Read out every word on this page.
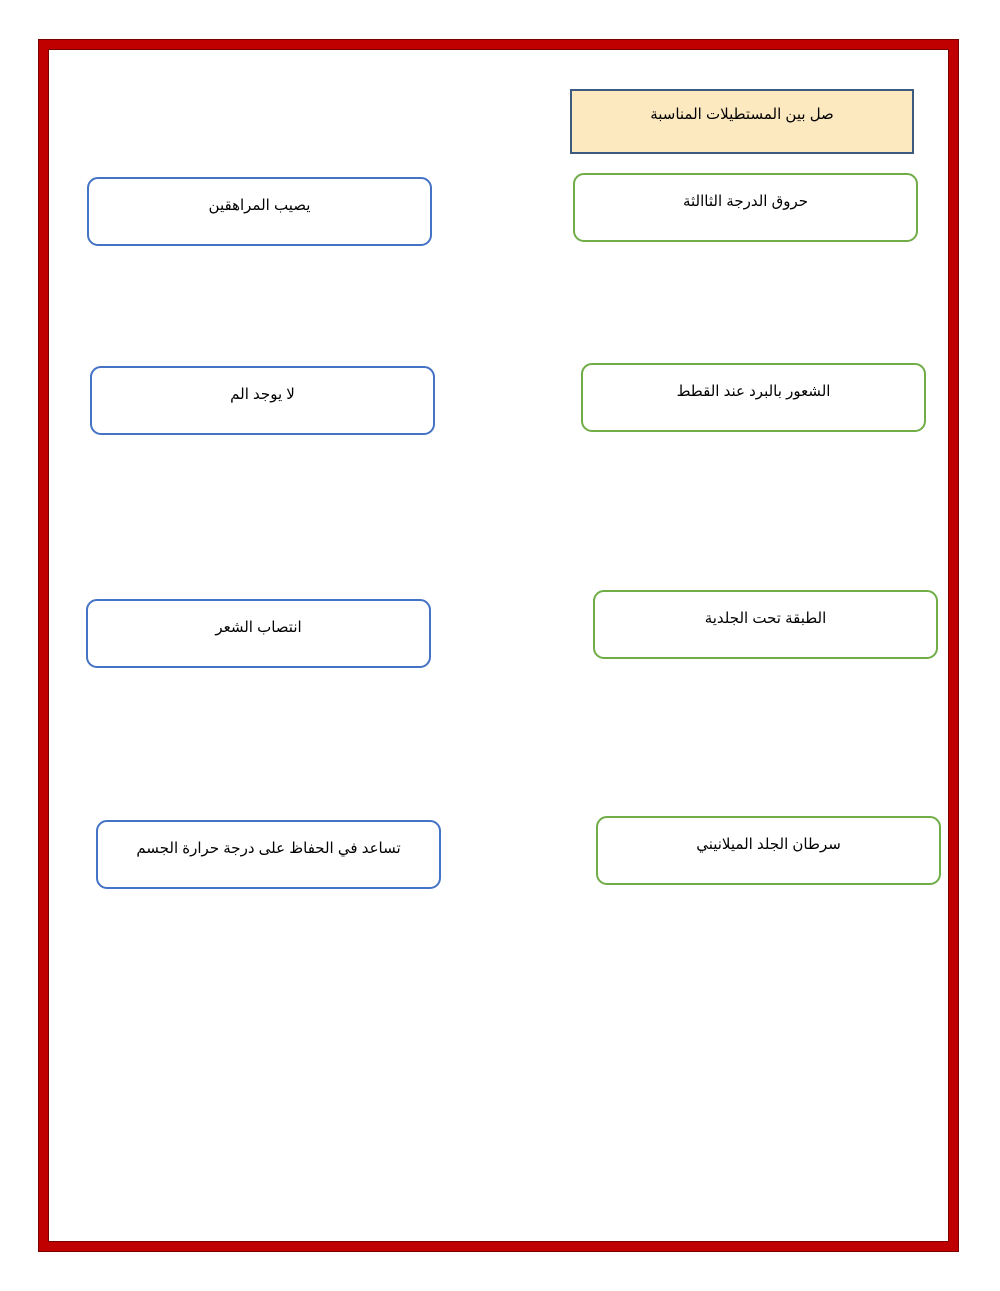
صل بين المستطيلات المناسبة
حروق الدرجة الثاالثة
الشعور بالبرد عند القطط
الطبقة تحت الجلدية
سرطان الجلد الميلانيني
يصيب المراهقين
لا يوجد الم
انتصاب الشعر
تساعد في الحفاظ على درجة حرارة الجسم
